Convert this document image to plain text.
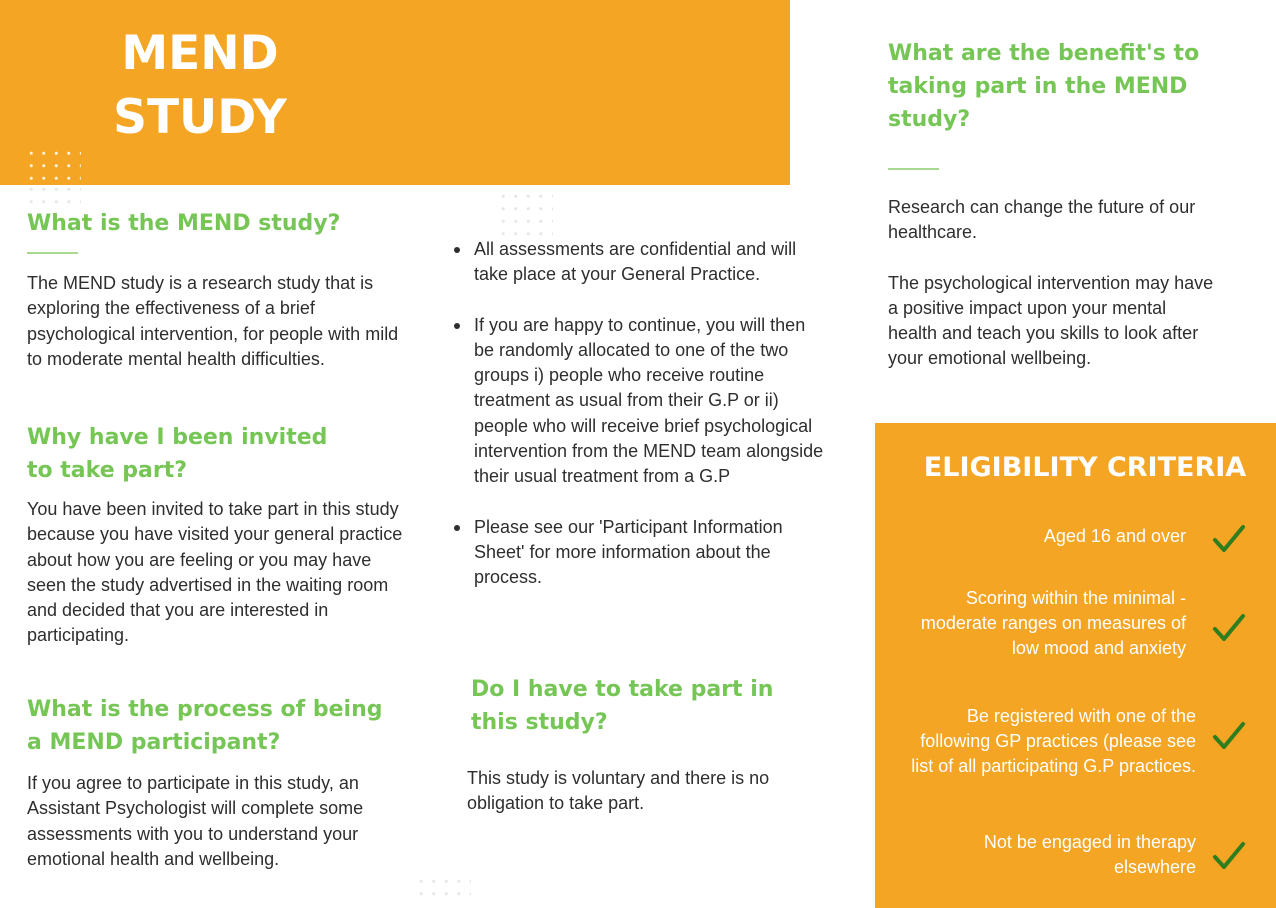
MEND
STUDY
What is the MEND study?

The MEND study is a research study that is exploring the effectiveness of a brief psychological intervention, for people with mild to moderate mental health difficulties.

Why have I been invited
to take part?

You have been invited to take part in this study because you have visited your general practice about how you are feeling or you may have seen the study advertised in the waiting room and decided that you are interested in participating.

What is the process of being
a MEND participant?

If you agree to participate in this study, an Assistant Psychologist will complete some assessments with you to understand your emotional health and wellbeing.

All assessments are confidential and will take place at your General Practice.
If you are happy to continue, you will then be randomly allocated to one of the two groups i) people who receive routine treatment as usual from their G.P or ii) people who will receive brief psychological intervention from the MEND team alongside their usual treatment from a G.P
Please see our 'Participant Information Sheet' for more information about the process.
Do I have to take part in
this study?

This study is voluntary and there is no obligation to take part.

What are the benefit's to
taking part in the MEND
study?

Research can change the future of our healthcare.

The psychological intervention may have a positive impact upon your mental health and teach you skills to look after your emotional wellbeing.

ELIGIBILITY CRITERIA
Aged 16 and over
Scoring within the minimal - moderate ranges on measures of low mood and anxiety
Be registered with one of the following GP practices (please see list of all participating G.P practices.
Not be engaged in therapy elsewhere
